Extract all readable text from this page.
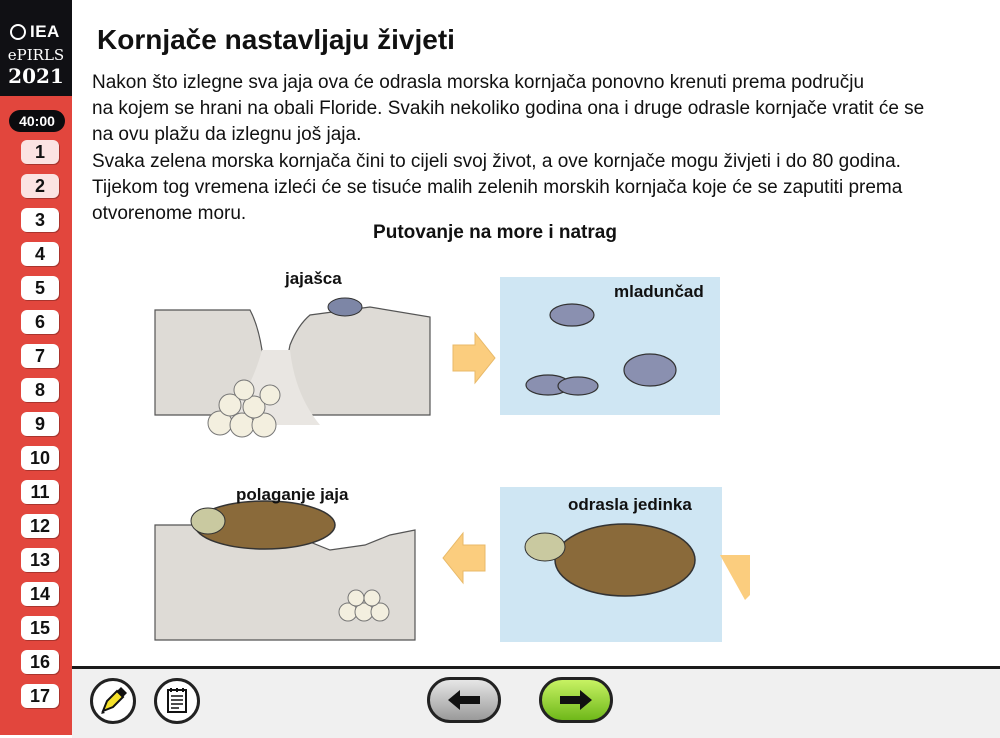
IEA
ePIRLS
2021
40:00
1
2
3
4
5
6
7
8
9
10
11
12
13
14
15
16
17
Kornjače nastavljaju živjeti
Nakon što izlegne sva jaja ova će odrasla morska kornjača ponovno krenuti prema području
na kojem se hrani na obali Floride. Svakih nekoliko godina ona i druge odrasle kornjače vratit će se
na ovu plažu da izlegnu još jaja.
Svaka zelena morska kornjača čini to cijeli svoj život, a ove kornjače mogu živjeti i do 80 godina.
Tijekom tog vremena izleći će se tisuće malih zelenih morskih kornjača koje će se zaputiti prema
otvorenome moru.
Putovanje na more i natrag
jajašca
mladunčad
odrasla jedinka
polaganje jaja
